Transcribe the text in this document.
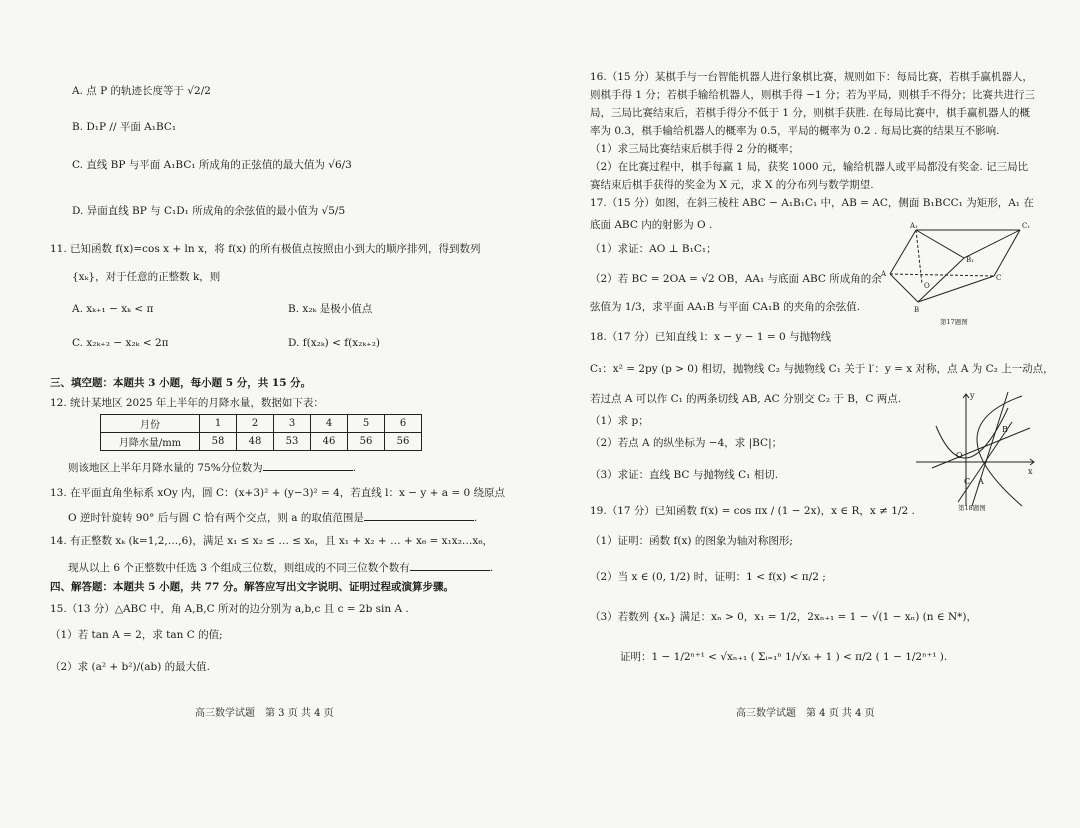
A. 点 P 的轨迹长度等于 √2/2
B. D₁P // 平面 A₁BC₁
C. 直线 BP 与平面 A₁BC₁ 所成角的正弦值的最大值为 √6/3
D. 异面直线 BP 与 C₁D₁ 所成角的余弦值的最小值为 √5/5
11. 已知函数 f(x)=cos x + ln x，将 f(x) 的所有极值点按照由小到大的顺序排列，得到数列
{xₖ}，对于任意的正整数 k，则
A. xₖ₊₁ − xₖ < π	B. x₂ₖ 是极小值点
C. x₂ₖ₊₂ − x₂ₖ < 2π	D. f(x₂ₖ) < f(x₂ₖ₊₂)
三、填空题：本题共 3 小题，每小题 5 分，共 15 分。
12. 统计某地区 2025 年上半年的月降水量，数据如下表：
月份	1	2	3	4	5	6
月降水量/mm	58	48	53	46	56	56
则该地区上半年月降水量的 75%分位数为	.
13. 在平面直角坐标系 xOy 内，圆 C：(x+3)² + (y−3)² = 4，若直线 l：x − y + a = 0 绕原点
O 逆时针旋转 90° 后与圆 C 恰有两个交点，则 a 的取值范围是	.
14. 有正整数 xₖ (k=1,2,…,6)，满足 x₁ ≤ x₂ ≤ … ≤ x₆，且 x₁ + x₂ + … + x₆ = x₁x₂…x₆，
现从以上 6 个正整数中任选 3 个组成三位数，则组成的不同三位数个数有	.
四、解答题：本题共 5 小题，共 77 分。解答应写出文字说明、证明过程或演算步骤。
15.（13 分）△ABC 中，角 A,B,C 所对的边分别为 a,b,c 且 c = 2b sin A .
（1）若 tan A = 2，求 tan C 的值;
（2）求 (a² + b²)/(ab) 的最大值.
高三数学试题　第 3 页 共 4 页
16.（15 分）某棋手与一台智能机器人进行象棋比赛，规则如下：每局比赛，若棋手赢机器人，
则棋手得 1 分；若棋手输给机器人，则棋手得 −1 分；若为平局，则棋手不得分；比赛共进行三
局，三局比赛结束后，若棋手得分不低于 1 分，则棋手获胜. 在每局比赛中，棋手赢机器人的概
率为 0.3，棋手输给机器人的概率为 0.5，平局的概率为 0.2 . 每局比赛的结果互不影响.
（1）求三局比赛结束后棋手得 2 分的概率；
（2）在比赛过程中，棋手每赢 1 局，获奖 1000 元，输给机器人或平局都没有奖金. 记三局比
赛结束后棋手获得的奖金为 X 元，求 X 的分布列与数学期望.
17.（15 分）如图，在斜三棱柱 ABC − A₁B₁C₁ 中，AB = AC，侧面 B₁BCC₁ 为矩形，A₁ 在
底面 ABC 内的射影为 O .
（1）求证：AO ⊥ B₁C₁；
（2）若 BC = 2OA = √2 OB，AA₁ 与底面 ABC 所成角的余
弦值为 1/3，求平面 AA₁B 与平面 CA₁B 的夹角的余弦值.
A₁	C₁
B₁
A
O
C
B
第17题图
18.（17 分）已知直线 l：x − y − 1 = 0 与抛物线
C₁：x² = 2py (p > 0) 相切，抛物线 C₂ 与抛物线 C₁ 关于 l′：y = x 对称，点 A 为 C₂ 上一动点，
若过点 A 可以作 C₁ 的两条切线 AB, AC 分别交 C₂ 于 B，C 两点.
（1）求 p；
（2）若点 A 的纵坐标为 −4，求 |BC|；
（3）求证：直线 BC 与抛物线 C₁ 相切.
y
x
O
B
C A
第18题图
19.（17 分）已知函数 f(x) = cos πx / (1 − 2x)，x ∈ R，x ≠ 1/2 .
（1）证明：函数 f(x) 的图象为轴对称图形;
（2）当 x ∈ (0, 1/2) 时，证明：1 < f(x) < π/2 ;
（3）若数列 {xₙ} 满足：xₙ > 0，x₁ = 1/2，2xₙ₊₁ = 1 − √(1 − xₙ) (n ∈ N*)，
证明：1 − 1/2ⁿ⁺¹ < √xₙ₊₁ ( Σᵢ₌₁ⁿ 1/√xᵢ + 1 ) < π/2 ( 1 − 1/2ⁿ⁺¹ ).
高三数学试题　第 4 页 共 4 页
